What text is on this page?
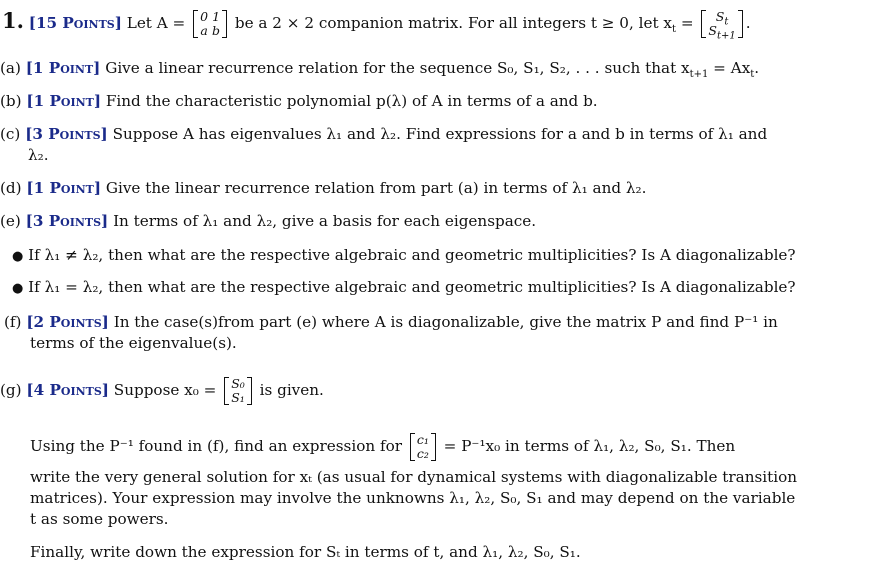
1. [15 Points] Let A = 0	1
a	b be a 2 × 2 companion matrix. For all integers t ≥ 0, let $x_t = S_t$
$S_{t+1}$
.
(a) [1 Point] Give a linear recurrence relation for the sequence S₀, S₁, S₂, . . . such that $x_{t+1} = Ax_t$.
(b) [1 Point] Find the characteristic polynomial p(λ) of A in terms of a and b.
(c) [3 Points] Suppose A has eigenvalues λ₁ and λ₂. Find expressions for a and b in terms of λ₁ and
λ₂.
(d) [1 Point] Give the linear recurrence relation from part (a) in terms of λ₁ and λ₂.
(e) [3 Points] In terms of λ₁ and λ₂, give a basis for each eigenspace.
● If λ₁ ≠ λ₂, then what are the respective algebraic and geometric multiplicities? Is A diagonalizable?
● If λ₁ = λ₂, then what are the respective algebraic and geometric multiplicities? Is A diagonalizable?
(f) [2 Points] In the case(s)from part (e) where A is diagonalizable, give the matrix P and find P⁻¹ in
terms of the eigenvalue(s).
(g) [4 Points] Suppose x₀ = S₀
S₁ is given.
Using the P⁻¹ found in (f), find an expression for c₁
c₂ = P⁻¹x₀ in terms of λ₁, λ₂, S₀, S₁. Then
write the very general solution for xₜ (as usual for dynamical systems with diagonalizable transition
matrices). Your expression may involve the unknowns λ₁, λ₂, S₀, S₁ and may depend on the variable
t as some powers.
Finally, write down the expression for Sₜ in terms of t, and λ₁, λ₂, S₀, S₁.
